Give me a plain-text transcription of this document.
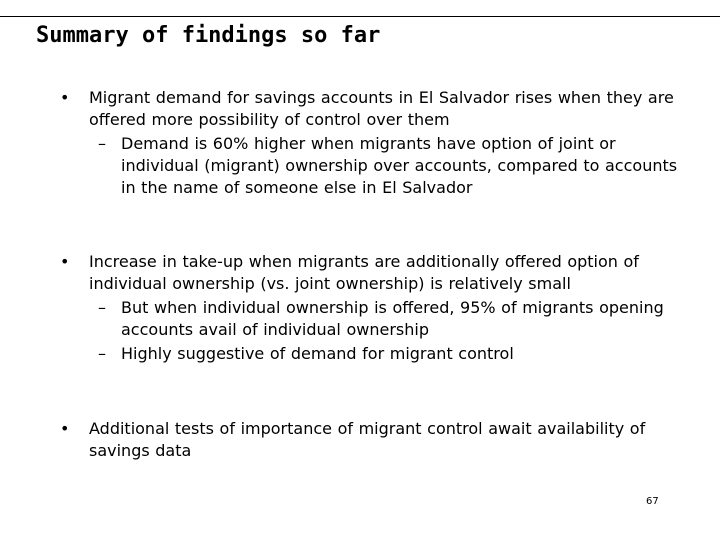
Summary of findings so far
• Migrant demand for savings accounts in El Salvador rises when they are offered more possibility of control over them
– Demand is 60% higher when migrants have option of joint or individual (migrant) ownership over accounts, compared to accounts in the name of someone else in El Salvador
• Increase in take-up when migrants are additionally offered option of individual ownership (vs. joint ownership) is relatively small
– But when individual ownership is offered, 95% of migrants opening accounts avail of individual ownership
– Highly suggestive of demand for migrant control
• Additional tests of importance of migrant control await availability of savings data
67
